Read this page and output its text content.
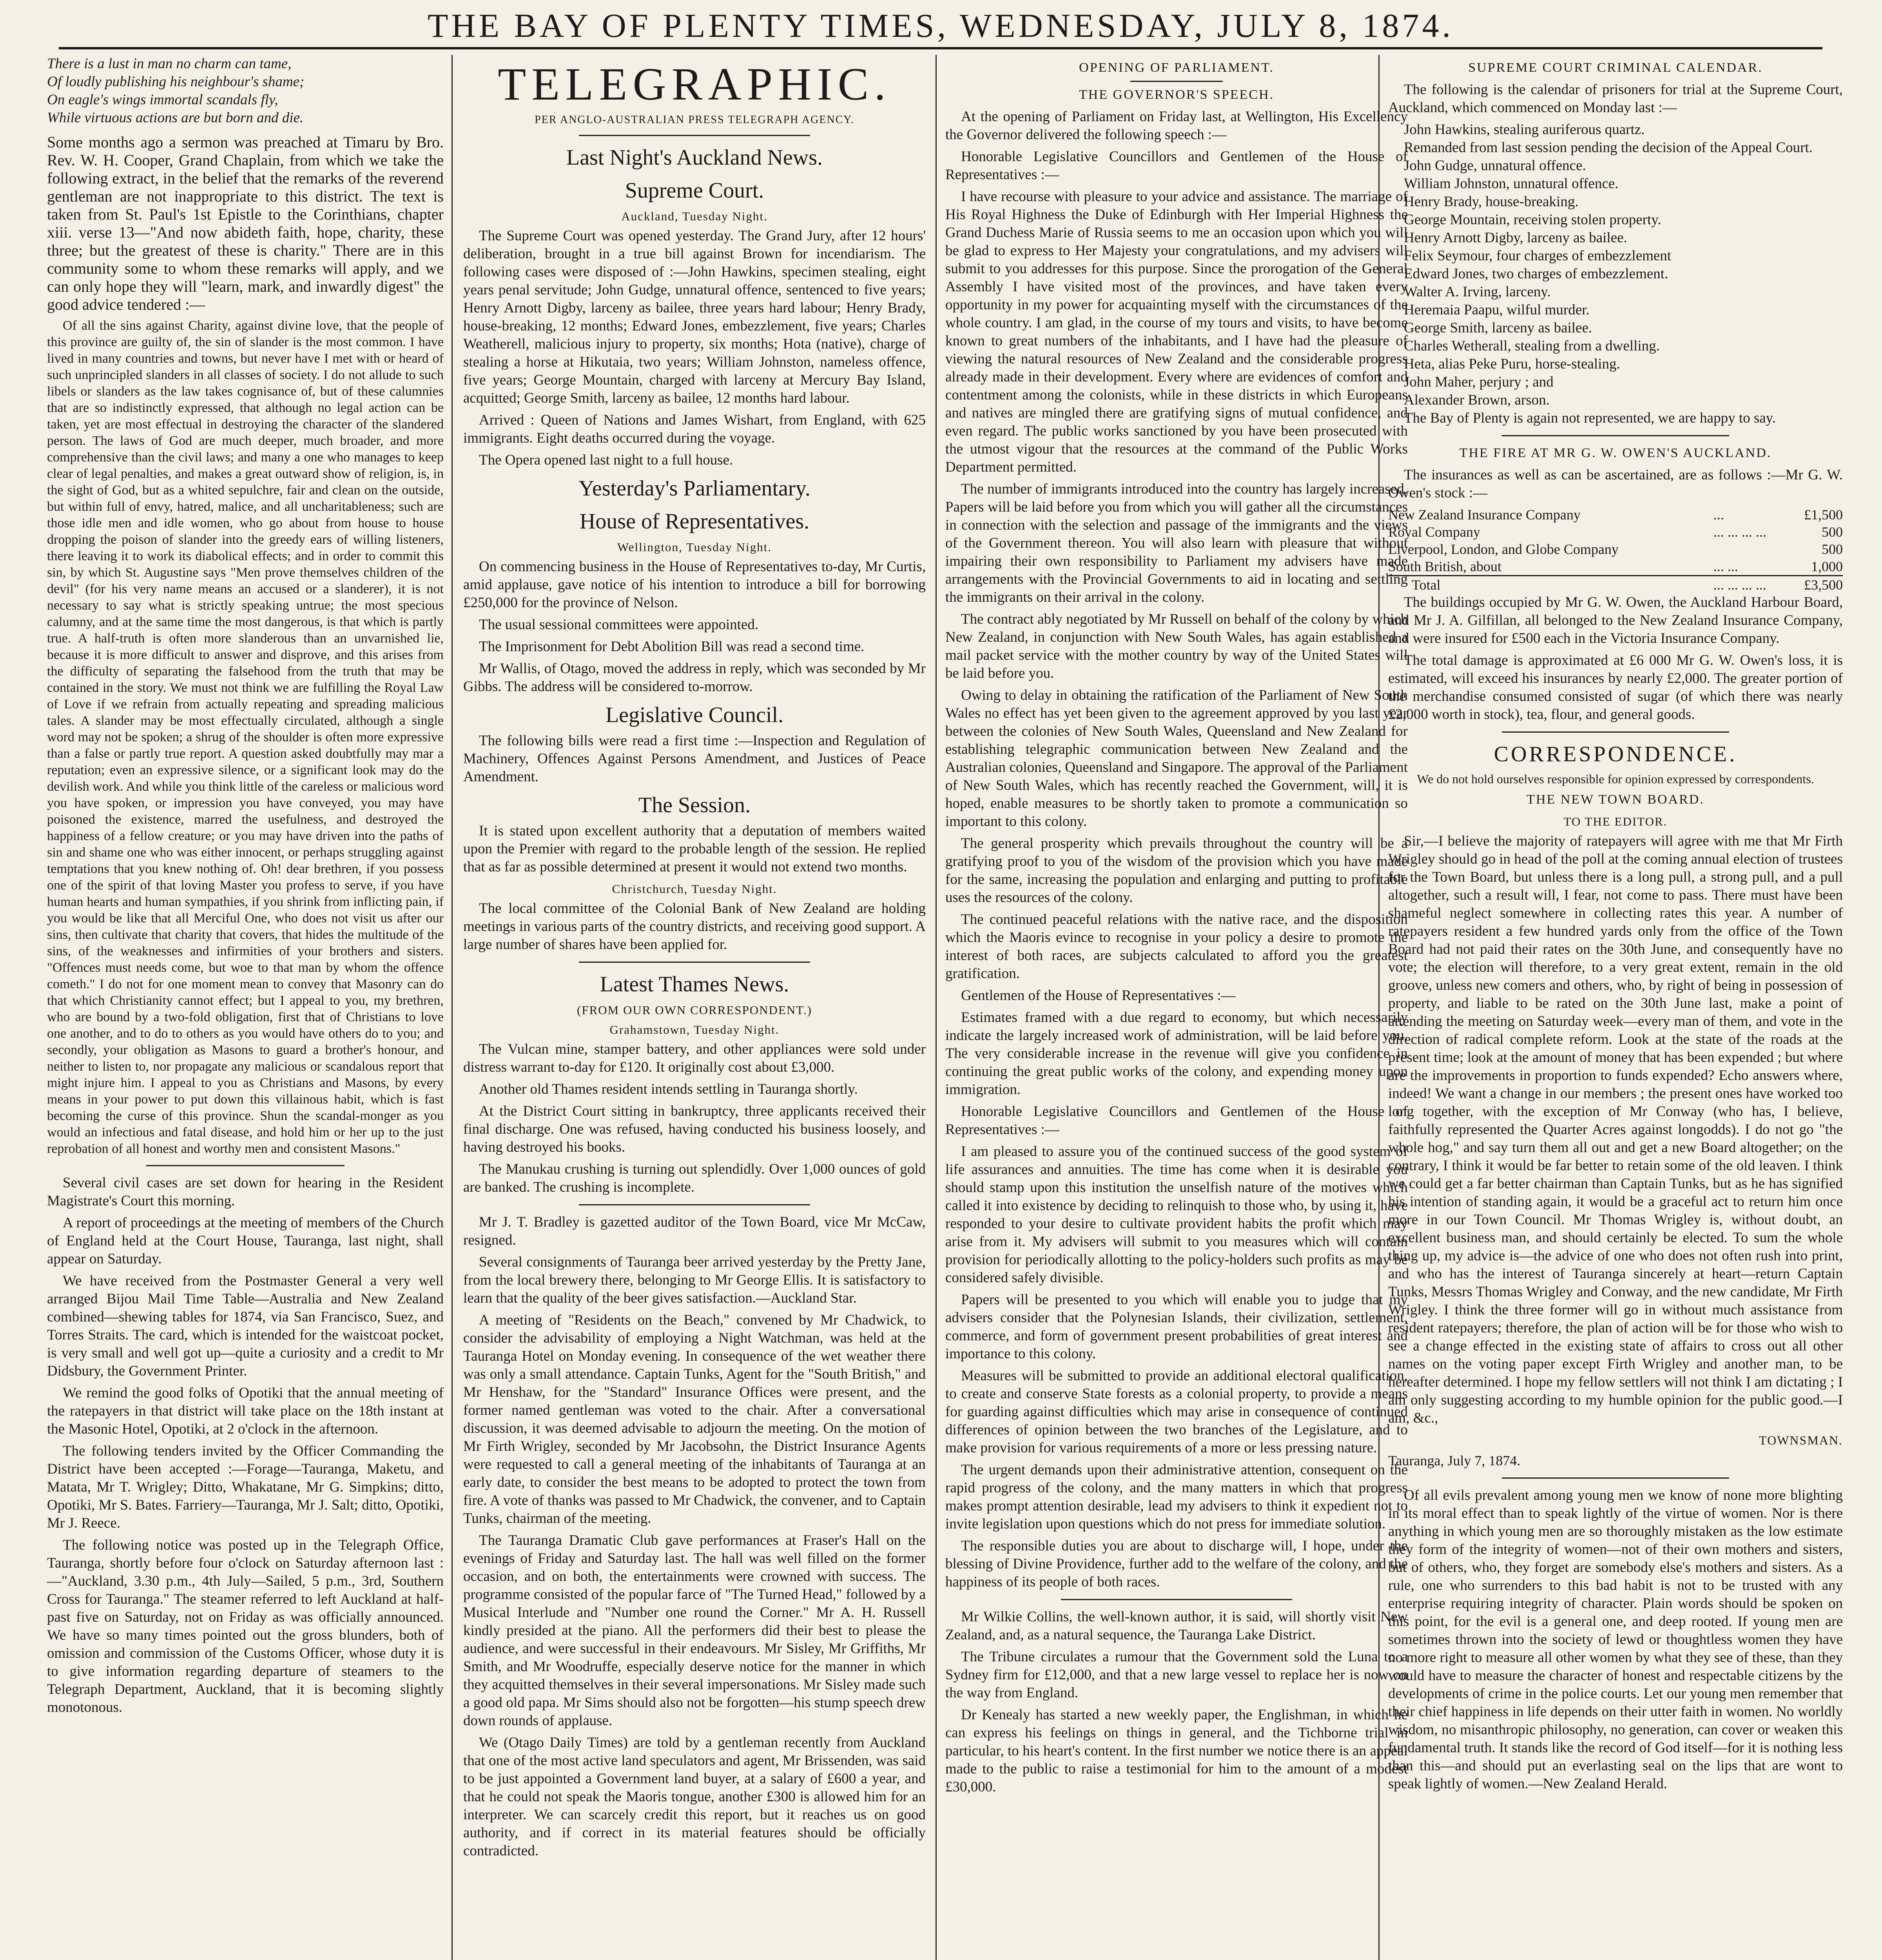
THE BAY OF PLENTY TIMES, WEDNESDAY, JULY 8, 1874.

There is a lust in man no charm can tame,

Of loudly publishing his neighbour's shame;

On eagle's wings immortal scandals fly,

While virtuous actions are but born and die.

Some months ago a sermon was preached at Timaru by Bro. Rev. W. H. Cooper, Grand Chaplain, from which we take the following extract, in the belief that the remarks of the reverend gentleman are not inappropriate to this district. The text is taken from St. Paul's 1st Epistle to the Corinthians, chapter xiii. verse 13—"And now abideth faith, hope, charity, these three; but the greatest of these is charity." There are in this community some to whom these remarks will apply, and we can only hope they will "learn, mark, and inwardly digest" the good advice tendered :—

Of all the sins against Charity, against divine love, that the people of this province are guilty of, the sin of slander is the most common. I have lived in many countries and towns, but never have I met with or heard of such unprincipled slanders in all classes of society. I do not allude to such libels or slanders as the law takes cognisance of, but of these calumnies that are so indistinctly expressed, that although no legal action can be taken, yet are most effectual in destroying the character of the slandered person. The laws of God are much deeper, much broader, and more comprehensive than the civil laws; and many a one who manages to keep clear of legal penalties, and makes a great outward show of religion, is, in the sight of God, but as a whited sepulchre, fair and clean on the outside, but within full of envy, hatred, malice, and all uncharitableness; such are those idle men and idle women, who go about from house to house dropping the poison of slander into the greedy ears of willing listeners, there leaving it to work its diabolical effects; and in order to commit this sin, by which St. Augustine says "Men prove themselves children of the devil" (for his very name means an accused or a slanderer), it is not necessary to say what is strictly speaking untrue; the most specious calumny, and at the same time the most dangerous, is that which is partly true. A half-truth is often more slanderous than an unvarnished lie, because it is more difficult to answer and disprove, and this arises from the difficulty of separating the falsehood from the truth that may be contained in the story. We must not think we are fulfilling the Royal Law of Love if we refrain from actually repeating and spreading malicious tales. A slander may be most effectually circulated, although a single word may not be spoken; a shrug of the shoulder is often more expressive than a false or partly true report. A question asked doubtfully may mar a reputation; even an expressive silence, or a significant look may do the devilish work. And while you think little of the careless or malicious word you have spoken, or impression you have conveyed, you may have poisoned the existence, marred the usefulness, and destroyed the happiness of a fellow creature; or you may have driven into the paths of sin and shame one who was either innocent, or perhaps struggling against temptations that you knew nothing of. Oh! dear brethren, if you possess one of the spirit of that loving Master you profess to serve, if you have human hearts and human sympathies, if you shrink from inflicting pain, if you would be like that all Merciful One, who does not visit us after our sins, then cultivate that charity that covers, that hides the multitude of the sins, of the weaknesses and infirmities of your brothers and sisters. "Offences must needs come, but woe to that man by whom the offence cometh." I do not for one moment mean to convey that Masonry can do that which Christianity cannot effect; but I appeal to you, my brethren, who are bound by a two-fold obligation, first that of Christians to love one another, and to do to others as you would have others do to you; and secondly, your obligation as Masons to guard a brother's honour, and neither to listen to, nor propagate any malicious or scandalous report that might injure him. I appeal to you as Christians and Masons, by every means in your power to put down this villainous habit, which is fast becoming the curse of this province. Shun the scandal-monger as you would an infectious and fatal disease, and hold him or her up to the just reprobation of all honest and worthy men and consistent Masons."

Several civil cases are set down for hearing in the Resident Magistrate's Court this morning.

A report of proceedings at the meeting of members of the Church of England held at the Court House, Tauranga, last night, shall appear on Saturday.

We have received from the Postmaster General a very well arranged Bijou Mail Time Table—Australia and New Zealand combined—shewing tables for 1874, via San Francisco, Suez, and Torres Straits. The card, which is intended for the waistcoat pocket, is very small and well got up—quite a curiosity and a credit to Mr Didsbury, the Government Printer.

We remind the good folks of Opotiki that the annual meeting of the ratepayers in that district will take place on the 18th instant at the Masonic Hotel, Opotiki, at 2 o'clock in the afternoon.

The following tenders invited by the Officer Commanding the District have been accepted :—Forage—Tauranga, Maketu, and Matata, Mr T. Wrigley; Ditto, Whakatane, Mr G. Simpkins; ditto, Opotiki, Mr S. Bates. Farriery—Tauranga, Mr J. Salt; ditto, Opotiki, Mr J. Reece.

The following notice was posted up in the Telegraph Office, Tauranga, shortly before four o'clock on Saturday afternoon last :—"Auckland, 3.30 p.m., 4th July—Sailed, 5 p.m., 3rd, Southern Cross for Tauranga." The steamer referred to left Auckland at half-past five on Saturday, not on Friday as was officially announced. We have so many times pointed out the gross blunders, both of omission and commission of the Customs Officer, whose duty it is to give information regarding departure of steamers to the Telegraph Department, Auckland, that it is becoming slightly monotonous.

TELEGRAPHIC.
PER ANGLO-AUSTRALIAN PRESS TELEGRAPH AGENCY.
Last Night's Auckland News.
Supreme Court.
Auckland, Tuesday Night.

The Supreme Court was opened yesterday. The Grand Jury, after 12 hours' deliberation, brought in a true bill against Brown for incendiarism. The following cases were disposed of :—John Hawkins, specimen stealing, eight years penal servitude; John Gudge, unnatural offence, sentenced to five years; Henry Arnott Digby, larceny as bailee, three years hard labour; Henry Brady, house-breaking, 12 months; Edward Jones, embezzlement, five years; Charles Weatherell, malicious injury to property, six months; Hota (native), charge of stealing a horse at Hikutaia, two years; William Johnston, nameless offence, five years; George Mountain, charged with larceny at Mercury Bay Island, acquitted; George Smith, larceny as bailee, 12 months hard labour.

Arrived : Queen of Nations and James Wishart, from England, with 625 immigrants. Eight deaths occurred during the voyage.

The Opera opened last night to a full house.

Yesterday's Parliamentary.
House of Representatives.
Wellington, Tuesday Night.

On commencing business in the House of Representatives to-day, Mr Curtis, amid applause, gave notice of his intention to introduce a bill for borrowing £250,000 for the province of Nelson.

The usual sessional committees were appointed.

The Imprisonment for Debt Abolition Bill was read a second time.

Mr Wallis, of Otago, moved the address in reply, which was seconded by Mr Gibbs. The address will be considered to-morrow.

Legislative Council.

The following bills were read a first time :—Inspection and Regulation of Machinery, Offences Against Persons Amendment, and Justices of Peace Amendment.

The Session.

It is stated upon excellent authority that a deputation of members waited upon the Premier with regard to the probable length of the session. He replied that as far as possible determined at present it would not extend two months.

Christchurch, Tuesday Night.

The local committee of the Colonial Bank of New Zealand are holding meetings in various parts of the country districts, and receiving good support. A large number of shares have been applied for.

Latest Thames News.
(FROM OUR OWN CORRESPONDENT.)
Grahamstown, Tuesday Night.

The Vulcan mine, stamper battery, and other appliances were sold under distress warrant to-day for £120. It originally cost about £3,000.

Another old Thames resident intends settling in Tauranga shortly.

At the District Court sitting in bankruptcy, three applicants received their final discharge. One was refused, having conducted his business loosely, and having destroyed his books.

The Manukau crushing is turning out splendidly. Over 1,000 ounces of gold are banked. The crushing is incomplete.

Mr J. T. Bradley is gazetted auditor of the Town Board, vice Mr McCaw, resigned.

Several consignments of Tauranga beer arrived yesterday by the Pretty Jane, from the local brewery there, belonging to Mr George Ellis. It is satisfactory to learn that the quality of the beer gives satisfaction.—Auckland Star.

A meeting of "Residents on the Beach," convened by Mr Chadwick, to consider the advisability of employing a Night Watchman, was held at the Tauranga Hotel on Monday evening. In consequence of the wet weather there was only a small attendance. Captain Tunks, Agent for the "South British," and Mr Henshaw, for the "Standard" Insurance Offices were present, and the former named gentleman was voted to the chair. After a conversational discussion, it was deemed advisable to adjourn the meeting. On the motion of Mr Firth Wrigley, seconded by Mr Jacobsohn, the District Insurance Agents were requested to call a general meeting of the inhabitants of Tauranga at an early date, to consider the best means to be adopted to protect the town from fire. A vote of thanks was passed to Mr Chadwick, the convener, and to Captain Tunks, chairman of the meeting.

The Tauranga Dramatic Club gave performances at Fraser's Hall on the evenings of Friday and Saturday last. The hall was well filled on the former occasion, and on both, the entertainments were crowned with success. The programme consisted of the popular farce of "The Turned Head," followed by a Musical Interlude and "Number one round the Corner." Mr A. H. Russell kindly presided at the piano. All the performers did their best to please the audience, and were successful in their endeavours. Mr Sisley, Mr Griffiths, Mr Smith, and Mr Woodruffe, especially deserve notice for the manner in which they acquitted themselves in their several impersonations. Mr Sisley made such a good old papa. Mr Sims should also not be forgotten—his stump speech drew down rounds of applause.

We (Otago Daily Times) are told by a gentleman recently from Auckland that one of the most active land speculators and agent, Mr Brissenden, was said to be just appointed a Government land buyer, at a salary of £600 a year, and that he could not speak the Maoris tongue, another £300 is allowed him for an interpreter. We can scarcely credit this report, but it reaches us on good authority, and if correct in its material features should be officially contradicted.

OPENING OF PARLIAMENT.
THE GOVERNOR'S SPEECH.

At the opening of Parliament on Friday last, at Wellington, His Excellency the Governor delivered the following speech :—

Honorable Legislative Councillors and Gentlemen of the House of Representatives :—

I have recourse with pleasure to your advice and assistance. The marriage of His Royal Highness the Duke of Edinburgh with Her Imperial Highness the Grand Duchess Marie of Russia seems to me an occasion upon which you will be glad to express to Her Majesty your congratulations, and my advisers will submit to you addresses for this purpose. Since the prorogation of the General Assembly I have visited most of the provinces, and have taken every opportunity in my power for acquainting myself with the circumstances of the whole country. I am glad, in the course of my tours and visits, to have become known to great numbers of the inhabitants, and I have had the pleasure of viewing the natural resources of New Zealand and the considerable progress already made in their development. Every where are evidences of comfort and contentment among the colonists, while in these districts in which Europeans and natives are mingled there are gratifying signs of mutual confidence, and even regard. The public works sanctioned by you have been prosecuted with the utmost vigour that the resources at the command of the Public Works Department permitted.

The number of immigrants introduced into the country has largely increased. Papers will be laid before you from which you will gather all the circumstances in connection with the selection and passage of the immigrants and the views of the Government thereon. You will also learn with pleasure that without impairing their own responsibility to Parliament my advisers have made arrangements with the Provincial Governments to aid in locating and settling the immigrants on their arrival in the colony.

The contract ably negotiated by Mr Russell on behalf of the colony by which New Zealand, in conjunction with New South Wales, has again established a mail packet service with the mother country by way of the United States will be laid before you.

Owing to delay in obtaining the ratification of the Parliament of New South Wales no effect has yet been given to the agreement approved by you last year between the colonies of New South Wales, Queensland and New Zealand for establishing telegraphic communication between New Zealand and the Australian colonies, Queensland and Singapore. The approval of the Parliament of New South Wales, which has recently reached the Government, will, it is hoped, enable measures to be shortly taken to promote a communication so important to this colony.

The general prosperity which prevails throughout the country will be a gratifying proof to you of the wisdom of the provision which you have made for the same, increasing the population and enlarging and putting to profitable uses the resources of the colony.

The continued peaceful relations with the native race, and the disposition which the Maoris evince to recognise in your policy a desire to promote the interest of both races, are subjects calculated to afford you the greatest gratification.

Gentlemen of the House of Representatives :—

Estimates framed with a due regard to economy, but which necessarily indicate the largely increased work of administration, will be laid before you. The very considerable increase in the revenue will give you confidence in continuing the great public works of the colony, and expending money upon immigration.

Honorable Legislative Councillors and Gentlemen of the House of Representatives :—

I am pleased to assure you of the continued success of the good system of life assurances and annuities. The time has come when it is desirable you should stamp upon this institution the unselfish nature of the motives which called it into existence by deciding to relinquish to those who, by using it, have responded to your desire to cultivate provident habits the profit which may arise from it. My advisers will submit to you measures which will contain provision for periodically allotting to the policy-holders such profits as may be considered safely divisible.

Papers will be presented to you which will enable you to judge that my advisers consider that the Polynesian Islands, their civilization, settlement, commerce, and form of government present probabilities of great interest and importance to this colony.

Measures will be submitted to provide an additional electoral qualification, to create and conserve State forests as a colonial property, to provide a means for guarding against difficulties which may arise in consequence of continued differences of opinion between the two branches of the Legislature, and to make provision for various requirements of a more or less pressing nature.

The urgent demands upon their administrative attention, consequent on the rapid progress of the colony, and the many matters in which that progress makes prompt attention desirable, lead my advisers to think it expedient not to invite legislation upon questions which do not press for immediate solution.

The responsible duties you are about to discharge will, I hope, under the blessing of Divine Providence, further add to the welfare of the colony, and the happiness of its people of both races.

Mr Wilkie Collins, the well-known author, it is said, will shortly visit New Zealand, and, as a natural sequence, the Tauranga Lake District.

The Tribune circulates a rumour that the Government sold the Luna to a Sydney firm for £12,000, and that a new large vessel to replace her is now on the way from England.

Dr Kenealy has started a new weekly paper, the Englishman, in which he can express his feelings on things in general, and the Tichborne trial in particular, to his heart's content. In the first number we notice there is an appeal made to the public to raise a testimonial for him to the amount of a modest £30,000.

SUPREME COURT CRIMINAL CALENDAR.

The following is the calendar of prisoners for trial at the Supreme Court, Auckland, which commenced on Monday last :—

John Hawkins, stealing auriferous quartz.

Remanded from last session pending the decision of the Appeal Court.

John Gudge, unnatural offence.

William Johnston, unnatural offence.

Henry Brady, house-breaking.

George Mountain, receiving stolen property.

Henry Arnott Digby, larceny as bailee.

Felix Seymour, four charges of embezzlement

Edward Jones, two charges of embezzlement.

Walter A. Irving, larceny.

Heremaia Paapu, wilful murder.

George Smith, larceny as bailee.

Charles Wetherall, stealing from a dwelling.

Heta, alias Peke Puru, horse-stealing.

John Maher, perjury ; and

Alexander Brown, arson.

The Bay of Plenty is again not represented, we are happy to say.

THE FIRE AT MR G. W. OWEN'S AUCKLAND.

The insurances as well as can be ascertained, are as follows :—Mr G. W. Owen's stock :—

New Zealand Insurance Company	...	£1,500
Royal Company	... ... ... ...	500
Liverpool, London, and Globe Company		500
South British, about	... ...	1,000
Total	... ... ... ...	£3,500

The buildings occupied by Mr G. W. Owen, the Auckland Harbour Board, and Mr J. A. Gilfillan, all belonged to the New Zealand Insurance Company, and were insured for £500 each in the Victoria Insurance Company.

The total damage is approximated at £6 000 Mr G. W. Owen's loss, it is estimated, will exceed his insurances by nearly £2,000. The greater portion of the merchandise consumed consisted of sugar (of which there was nearly £2,000 worth in stock), tea, flour, and general goods.

CORRESPONDENCE.
We do not hold ourselves responsible for opinion expressed by correspondents.
THE NEW TOWN BOARD.
TO THE EDITOR.

Sir,—I believe the majority of ratepayers will agree with me that Mr Firth Wrigley should go in head of the poll at the coming annual election of trustees for the Town Board, but unless there is a long pull, a strong pull, and a pull altogether, such a result will, I fear, not come to pass. There must have been shameful neglect somewhere in collecting rates this year. A number of ratepayers resident a few hundred yards only from the office of the Town Board had not paid their rates on the 30th June, and consequently have no vote; the election will therefore, to a very great extent, remain in the old groove, unless new comers and others, who, by right of being in possession of property, and liable to be rated on the 30th June last, make a point of attending the meeting on Saturday week—every man of them, and vote in the direction of radical complete reform. Look at the state of the roads at the present time; look at the amount of money that has been expended ; but where are the improvements in proportion to funds expended? Echo answers where, indeed! We want a change in our members ; the present ones have worked too long together, with the exception of Mr Conway (who has, I believe, faithfully represented the Quarter Acres against longodds). I do not go "the whole hog," and say turn them all out and get a new Board altogether; on the contrary, I think it would be far better to retain some of the old leaven. I think we could get a far better chairman than Captain Tunks, but as he has signified his intention of standing again, it would be a graceful act to return him once more in our Town Council. Mr Thomas Wrigley is, without doubt, an excellent business man, and should certainly be elected. To sum the whole thing up, my advice is—the advice of one who does not often rush into print, and who has the interest of Tauranga sincerely at heart—return Captain Tunks, Messrs Thomas Wrigley and Conway, and the new candidate, Mr Firth Wrigley. I think the three former will go in without much assistance from resident ratepayers; therefore, the plan of action will be for those who wish to see a change effected in the existing state of affairs to cross out all other names on the voting paper except Firth Wrigley and another man, to be hereafter determined. I hope my fellow settlers will not think I am dictating ; I am only suggesting according to my humble opinion for the public good.—I am, &c.,

TOWNSMAN.
Tauranga, July 7, 1874.

Of all evils prevalent among young men we know of none more blighting in its moral effect than to speak lightly of the virtue of women. Nor is there anything in which young men are so thoroughly mistaken as the low estimate they form of the integrity of women—not of their own mothers and sisters, but of others, who, they forget are somebody else's mothers and sisters. As a rule, one who surrenders to this bad habit is not to be trusted with any enterprise requiring integrity of character. Plain words should be spoken on this point, for the evil is a general one, and deep rooted. If young men are sometimes thrown into the society of lewd or thoughtless women they have no more right to measure all other women by what they see of these, than they would have to measure the character of honest and respectable citizens by the developments of crime in the police courts. Let our young men remember that their chief happiness in life depends on their utter faith in women. No worldly wisdom, no misanthropic philosophy, no generation, can cover or weaken this fundamental truth. It stands like the record of God itself—for it is nothing less than this—and should put an everlasting seal on the lips that are wont to speak lightly of women.—New Zealand Herald.
